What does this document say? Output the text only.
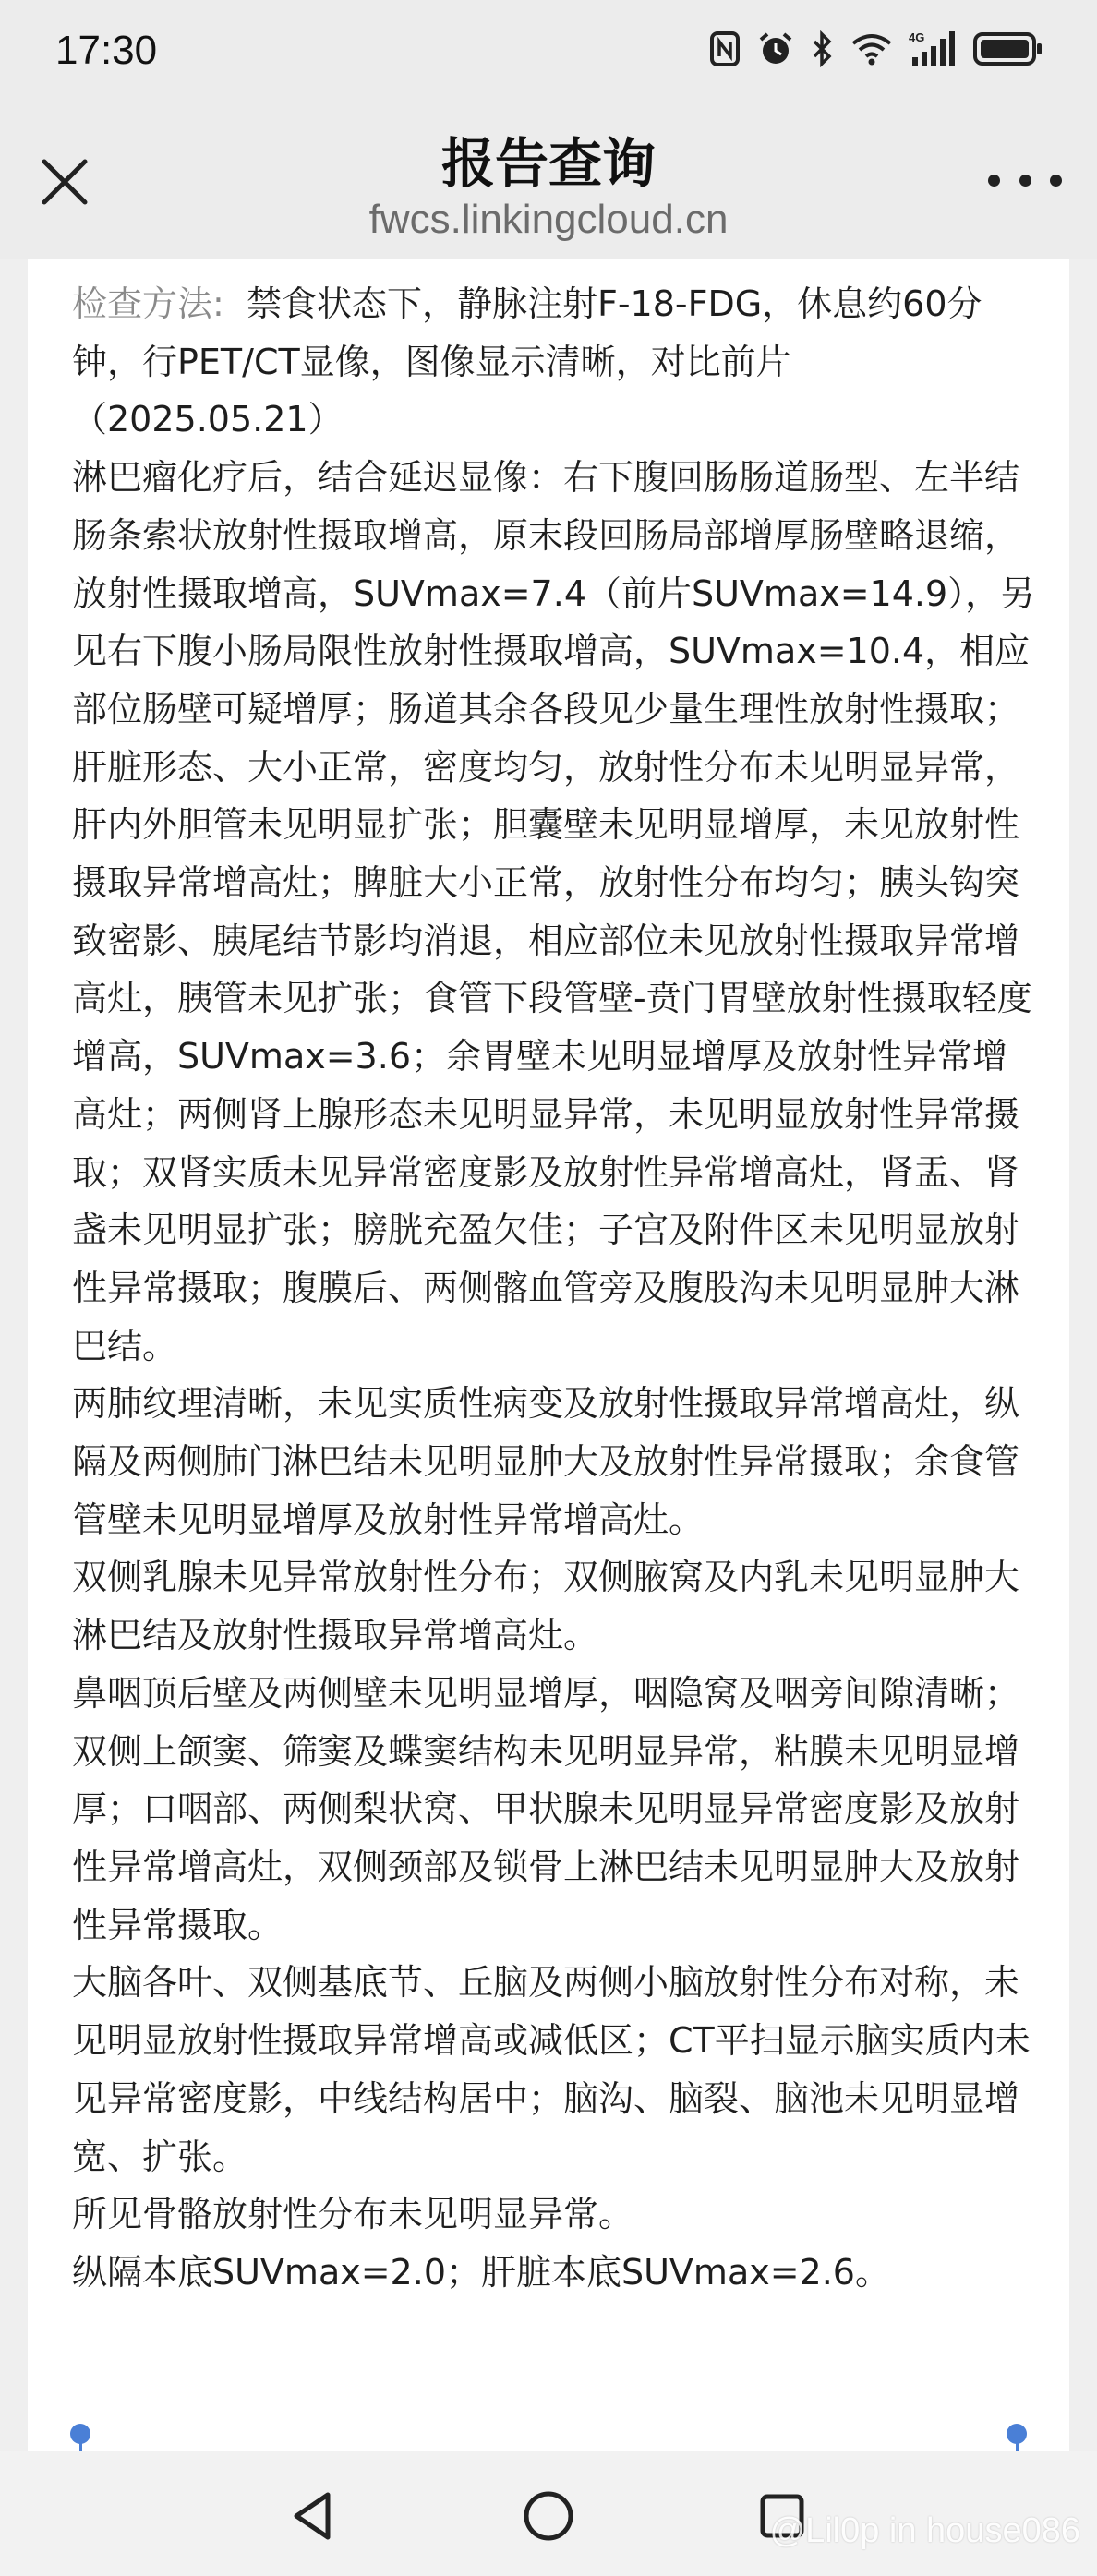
17:30	4G
报告查询
fwcs.linkingcloud.cn

检查方法: 禁食状态下，静脉注射F-18-FDG，休息约60分钟，行PET/CT显像，图像显示清晰，对比前片（2025.05.21）

淋巴瘤化疗后，结合延迟显像：右下腹回肠肠道肠型、左半结肠条索状放射性摄取增高，原末段回肠局部增厚肠壁略退缩，放射性摄取增高，SUVmax=7.4（前片SUVmax=14.9），另见右下腹小肠局限性放射性摄取增高，SUVmax=10.4，相应部位肠壁可疑增厚；肠道其余各段见少量生理性放射性摄取；肝脏形态、大小正常，密度均匀，放射性分布未见明显异常，肝内外胆管未见明显扩张；胆囊壁未见明显增厚，未见放射性摄取异常增高灶；脾脏大小正常，放射性分布均匀；胰头钩突致密影、胰尾结节影均消退，相应部位未见放射性摄取异常增高灶，胰管未见扩张；食管下段管壁-贲门胃壁放射性摄取轻度增高，SUVmax=3.6；余胃壁未见明显增厚及放射性异常增高灶；两侧肾上腺形态未见明显异常，未见明显放射性异常摄取；双肾实质未见异常密度影及放射性异常增高灶，肾盂、肾盏未见明显扩张；膀胱充盈欠佳；子宫及附件区未见明显放射性异常摄取；腹膜后、两侧髂血管旁及腹股沟未见明显肿大淋巴结。

两肺纹理清晰，未见实质性病变及放射性摄取异常增高灶，纵隔及两侧肺门淋巴结未见明显肿大及放射性异常摄取；余食管管壁未见明显增厚及放射性异常增高灶。

双侧乳腺未见异常放射性分布；双侧腋窝及内乳未见明显肿大淋巴结及放射性摄取异常增高灶。

鼻咽顶后壁及两侧壁未见明显增厚，咽隐窝及咽旁间隙清晰；双侧上颌窦、筛窦及蝶窦结构未见明显异常，粘膜未见明显增厚；口咽部、两侧梨状窝、甲状腺未见明显异常密度影及放射性异常增高灶，双侧颈部及锁骨上淋巴结未见明显肿大及放射性异常摄取。

大脑各叶、双侧基底节、丘脑及两侧小脑放射性分布对称，未见明显放射性摄取异常增高或减低区；CT平扫显示脑实质内未见异常密度影，中线结构居中；脑沟、脑裂、脑池未见明显增宽、扩张。

所见骨骼放射性分布未见明显异常。

纵隔本底SUVmax=2.0；肝脏本底SUVmax=2.6。

@Lil0p in house086
